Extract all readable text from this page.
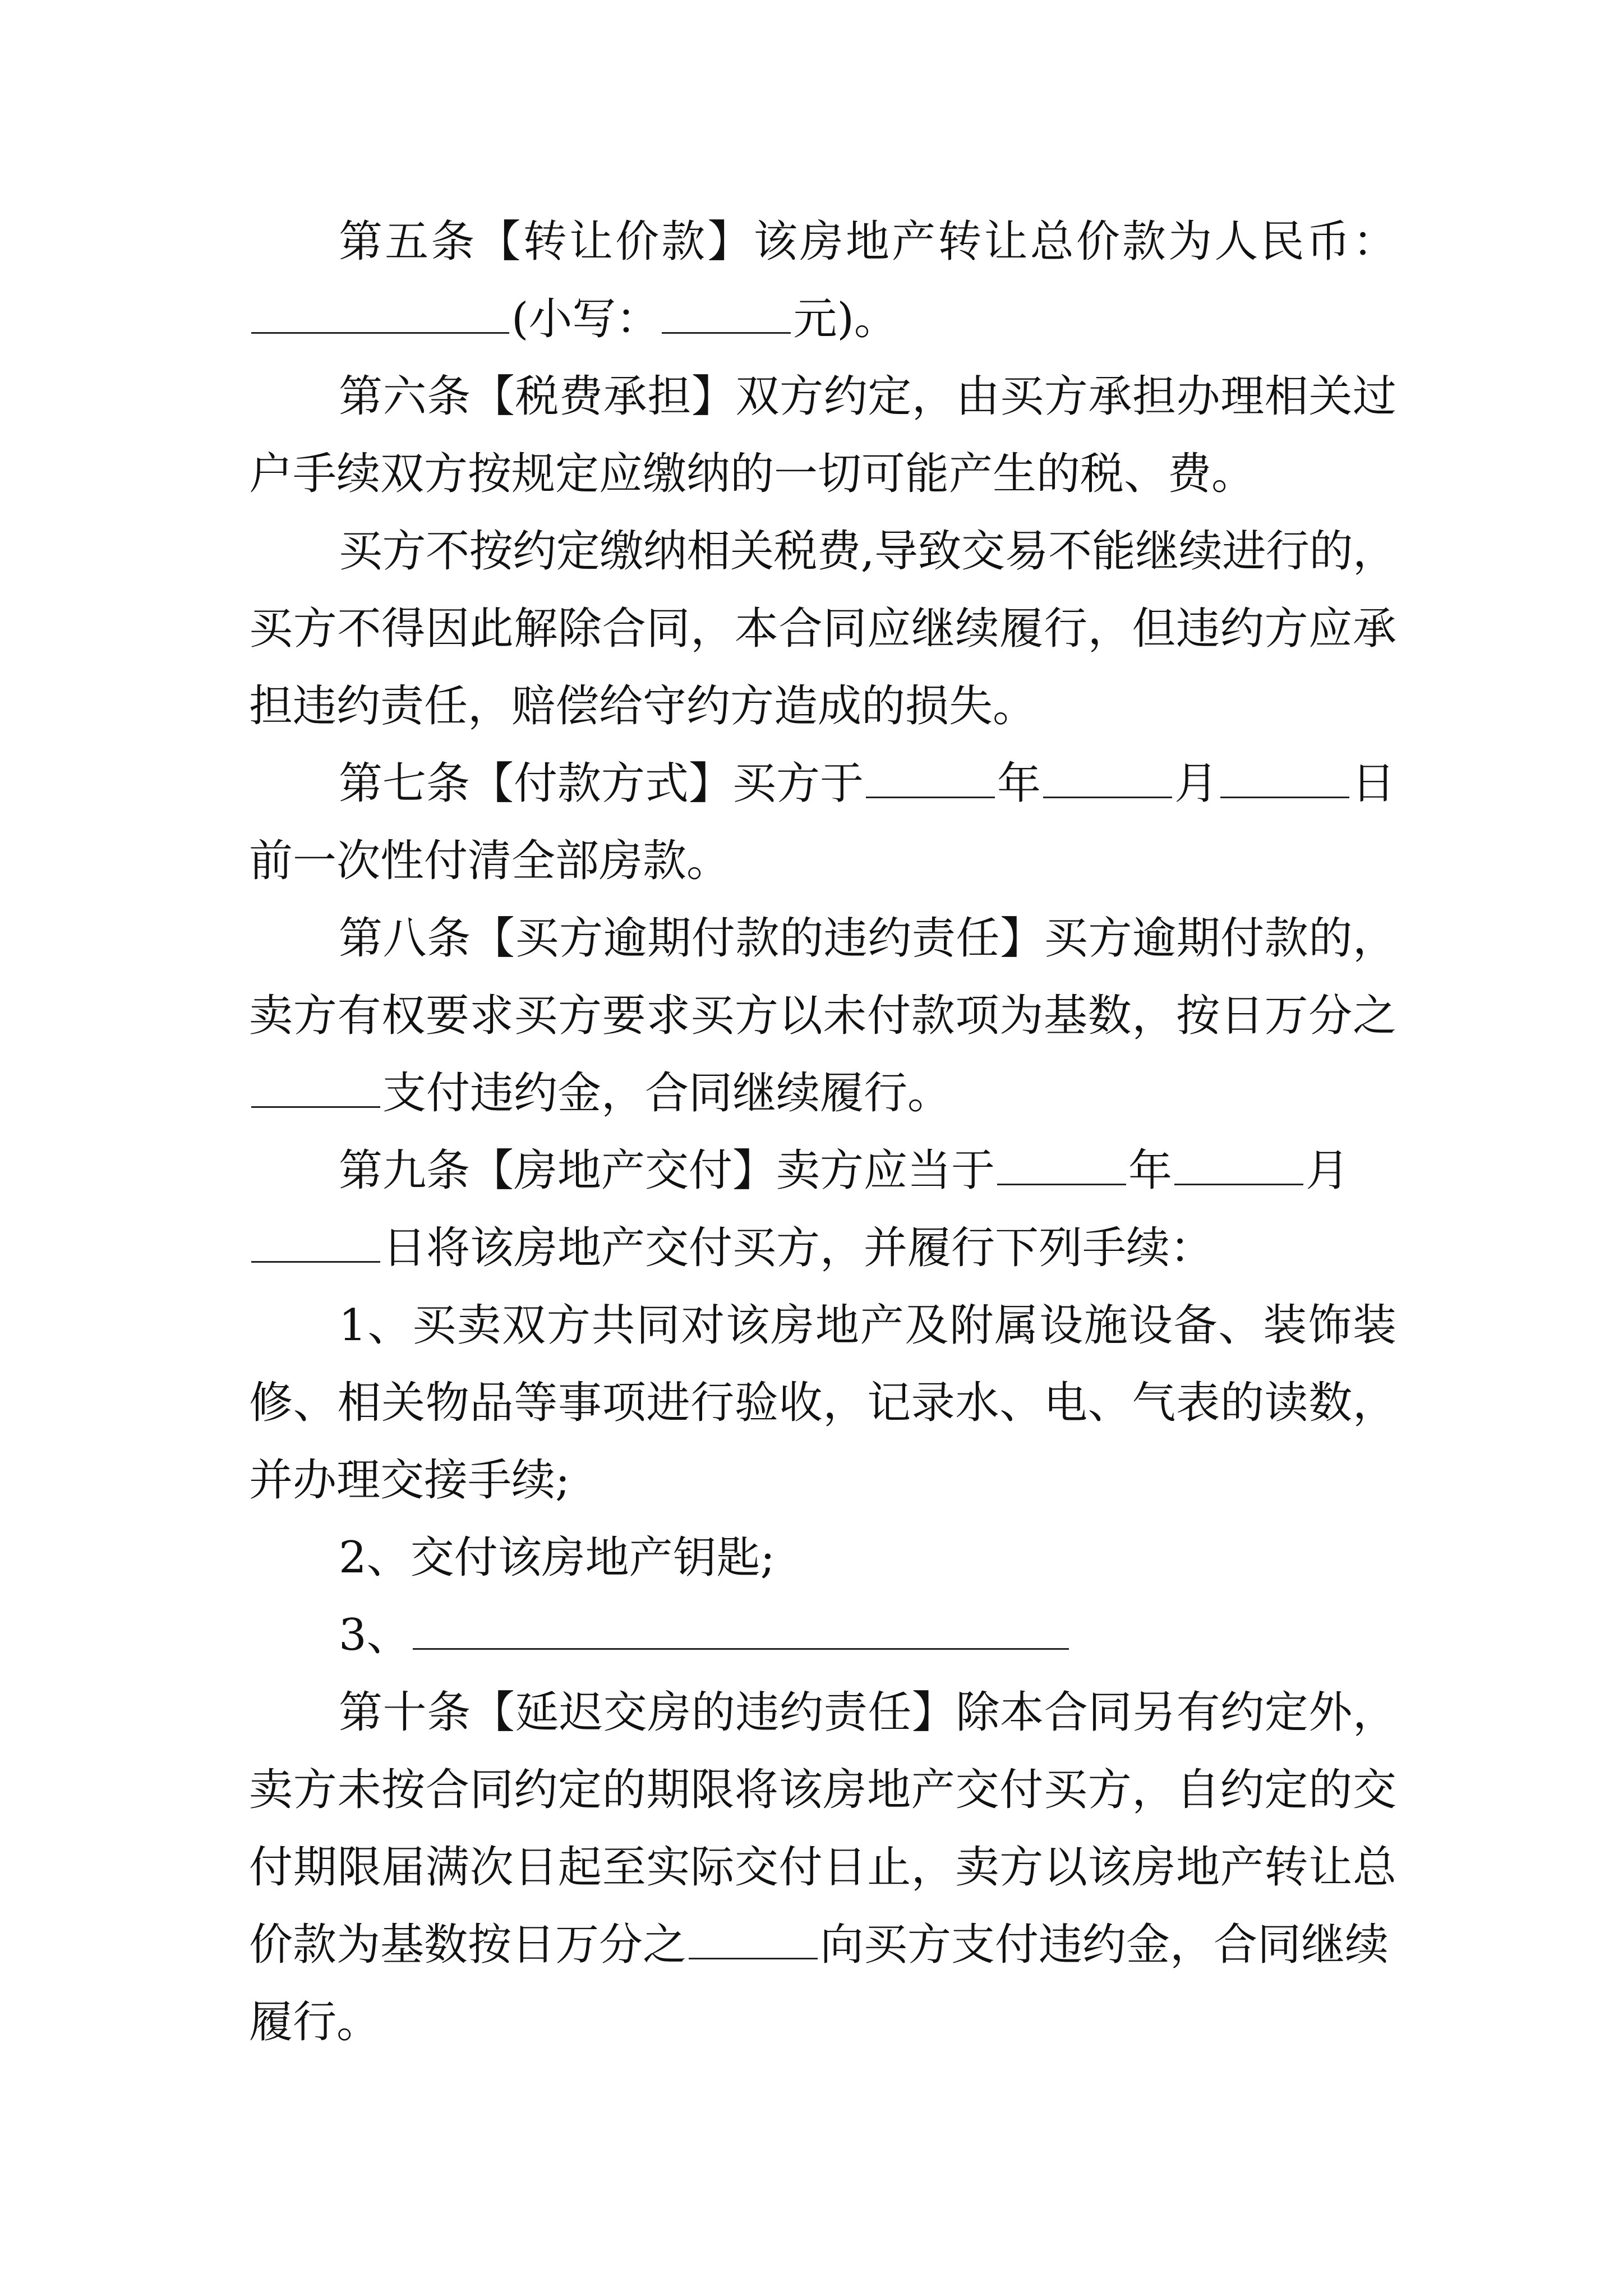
第五条【转让价款】该房地产转让总价款为人民币：
(小写：	元)。
第六条【税费承担】双方约定，由买方承担办理相关过
户手续双方按规定应缴纳的一切可能产生的税、费。
买方不按约定缴纳相关税费,导致交易不能继续进行的，
买方不得因此解除合同，本合同应继续履行，但违约方应承
担违约责任，赔偿给守约方造成的损失。
第七条【付款方式】买方于	年	月	日
前一次性付清全部房款。
第八条【买方逾期付款的违约责任】买方逾期付款的，
卖方有权要求买方要求买方以未付款项为基数，按日万分之
支付违约金，合同继续履行。
第九条【房地产交付】卖方应当于	年	月
日将该房地产交付买方，并履行下列手续：
1、买卖双方共同对该房地产及附属设施设备、装饰装
修、相关物品等事项进行验收，记录水、电、气表的读数，
并办理交接手续;
2、交付该房地产钥匙;
3、
第十条【延迟交房的违约责任】除本合同另有约定外，
卖方未按合同约定的期限将该房地产交付买方，自约定的交
付期限届满次日起至实际交付日止，卖方以该房地产转让总
价款为基数按日万分之	向买方支付违约金，合同继续
履行。
